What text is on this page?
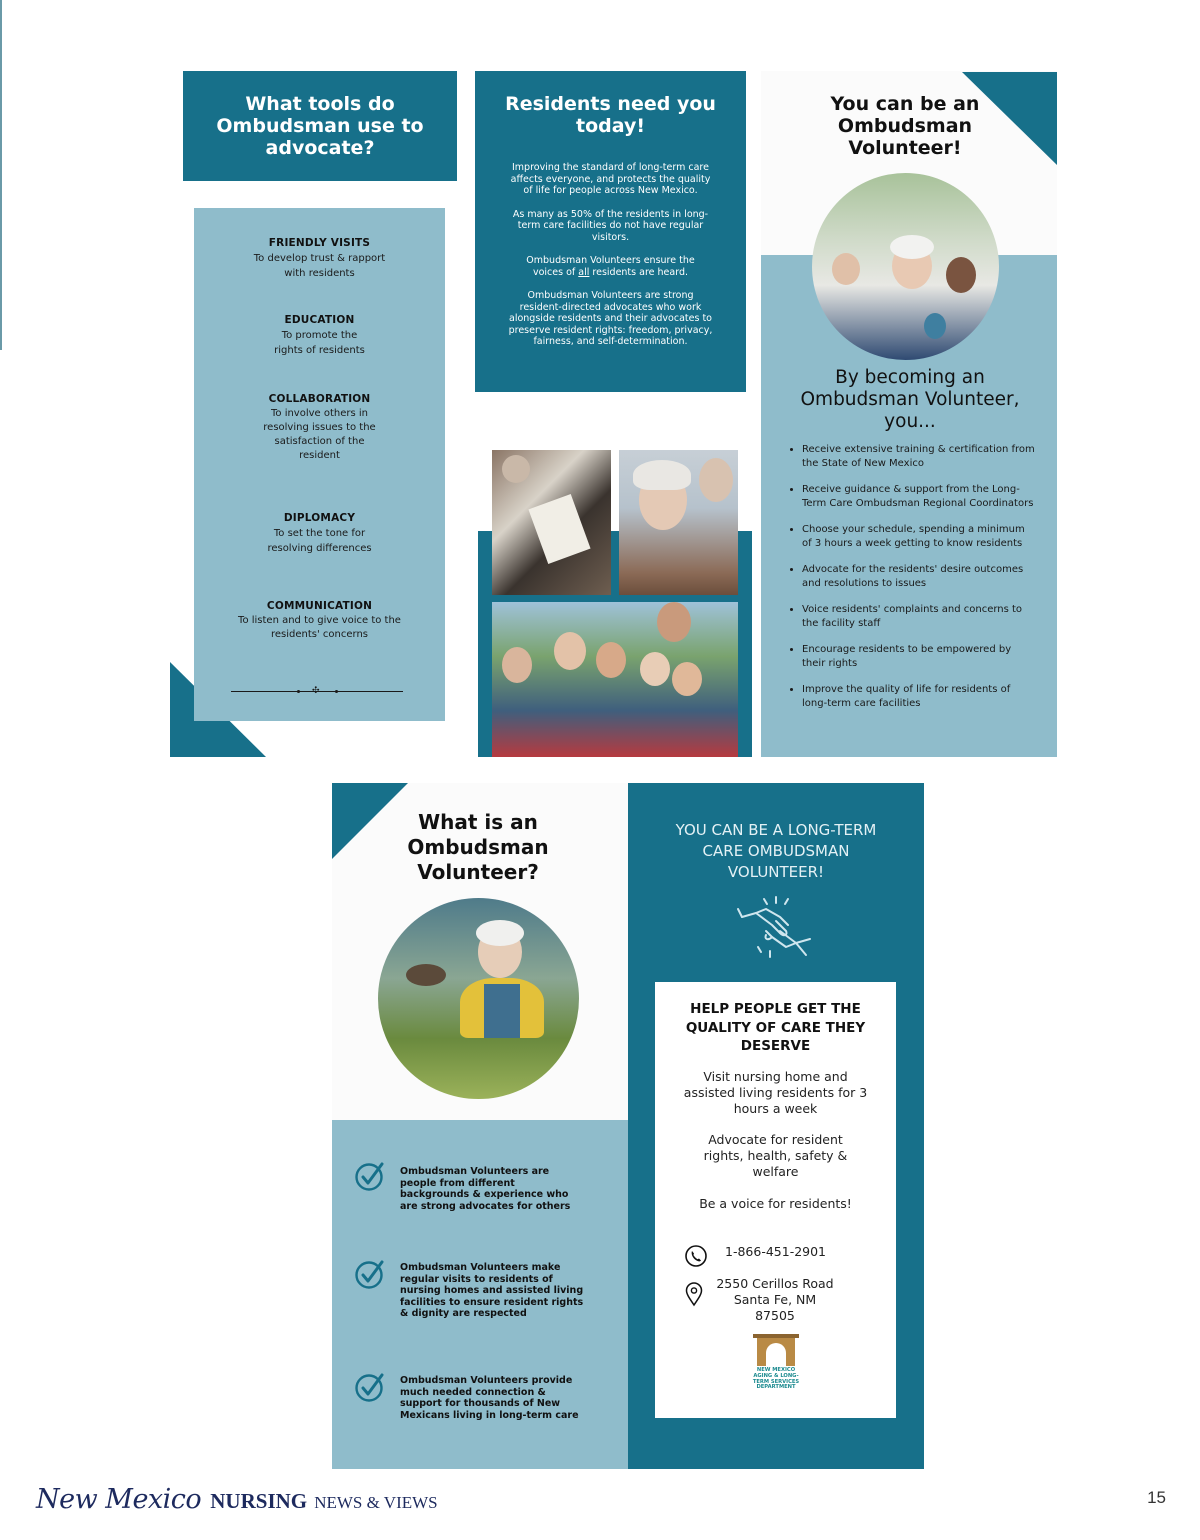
What tools do Ombudsman use to advocate?
FRIENDLY VISITS

To develop trust & rapport with residents

EDUCATION

To promote the rights of residents

COLLABORATION

To involve others in resolving issues to the satisfaction of the resident

DIPLOMACY

To set the tone for resolving differences

COMMUNICATION

To listen and to give voice to the residents' concerns

✣
Residents need you today!

Improving the standard of long-term care affects everyone, and protects the quality of life for people across New Mexico.

As many as 50% of the residents in long-term care facilities do not have regular visitors.

Ombudsman Volunteers ensure the voices of all residents are heard.

Ombudsman Volunteers are strong resident-directed advocates who work alongside residents and their advocates to preserve resident rights: freedom, privacy, fairness, and self-determination.

You can be an Ombudsman Volunteer!
By becoming an Ombudsman Volunteer, you...
• Receive extensive training & certification from the State of New Mexico
• Receive guidance & support from the Long-Term Care Ombudsman Regional Coordinators
• Choose your schedule, spending a minimum of 3 hours a week getting to know residents
• Advocate for the residents' desire outcomes and resolutions to issues
• Voice residents' complaints and concerns to the facility staff
• Encourage residents to be empowered by their rights
• Improve the quality of life for residents of long-term care facilities
What is an Ombudsman Volunteer?
Ombudsman Volunteers are people from different backgrounds & experience who are strong advocates for others
Ombudsman Volunteers make regular visits to residents of nursing homes and assisted living facilities to ensure resident rights & dignity are respected
Ombudsman Volunteers provide much needed connection & support for thousands of New Mexicans living in long-term care
YOU CAN BE A LONG-TERM CARE OMBUDSMAN VOLUNTEER!
HELP PEOPLE GET THE QUALITY OF CARE THEY DESERVE
Visit nursing home and assisted living residents for 3 hours a week
Advocate for resident rights, health, safety & welfare
Be a voice for residents!
1-866-451-2901
2550 Cerillos Road
Santa Fe, NM
87505
NEW MEXICO AGING & LONG-TERM SERVICES DEPARTMENT
New Mexico NURSING NEWS & VIEWS	15
